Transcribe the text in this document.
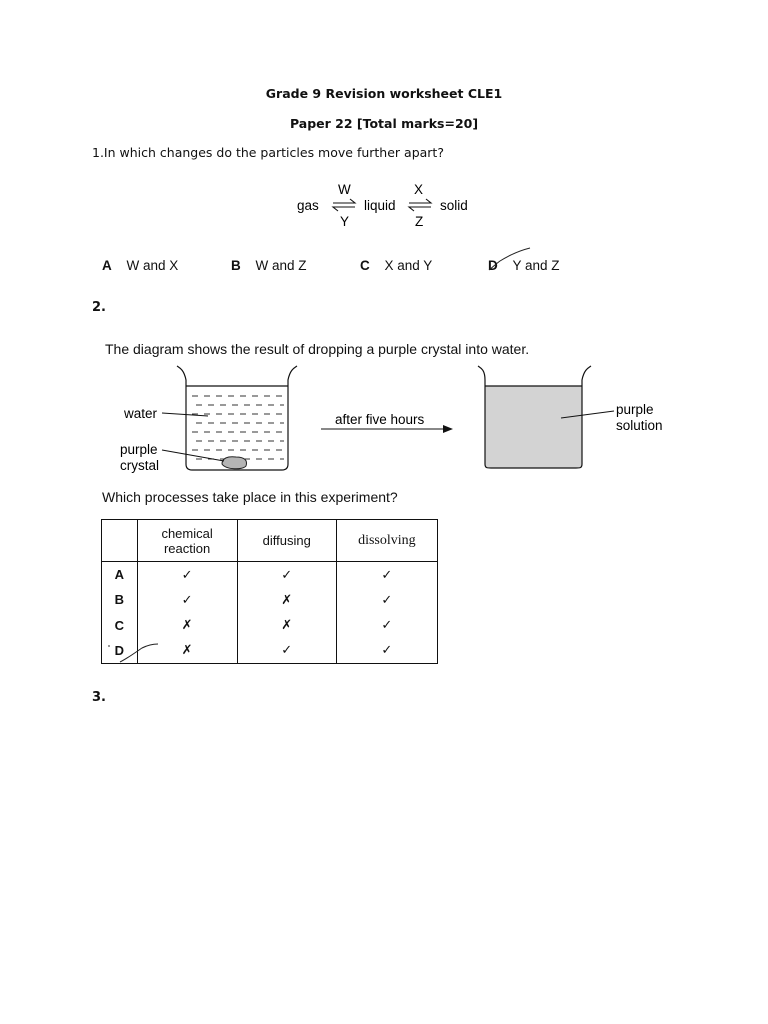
Grade 9 Revision worksheet CLE1
Paper 22 [Total marks=20]
1.In which changes do the particles move further apart?
gas	liquid	solid
W
Y
X
Z
A W and X	B W and Z	C X and Y	D Y and Z
2.
The diagram shows the result of dropping a purple crystal into water.
water
purple
crystal
after five hours
purple
solution
Which processes take place in this experiment?

	chemical
reaction	diffusing	dissolving
A	✓	✓	✓
B	✓	✗	✓
C	✗	✗	✓
D	✗	✓	✓
3.
